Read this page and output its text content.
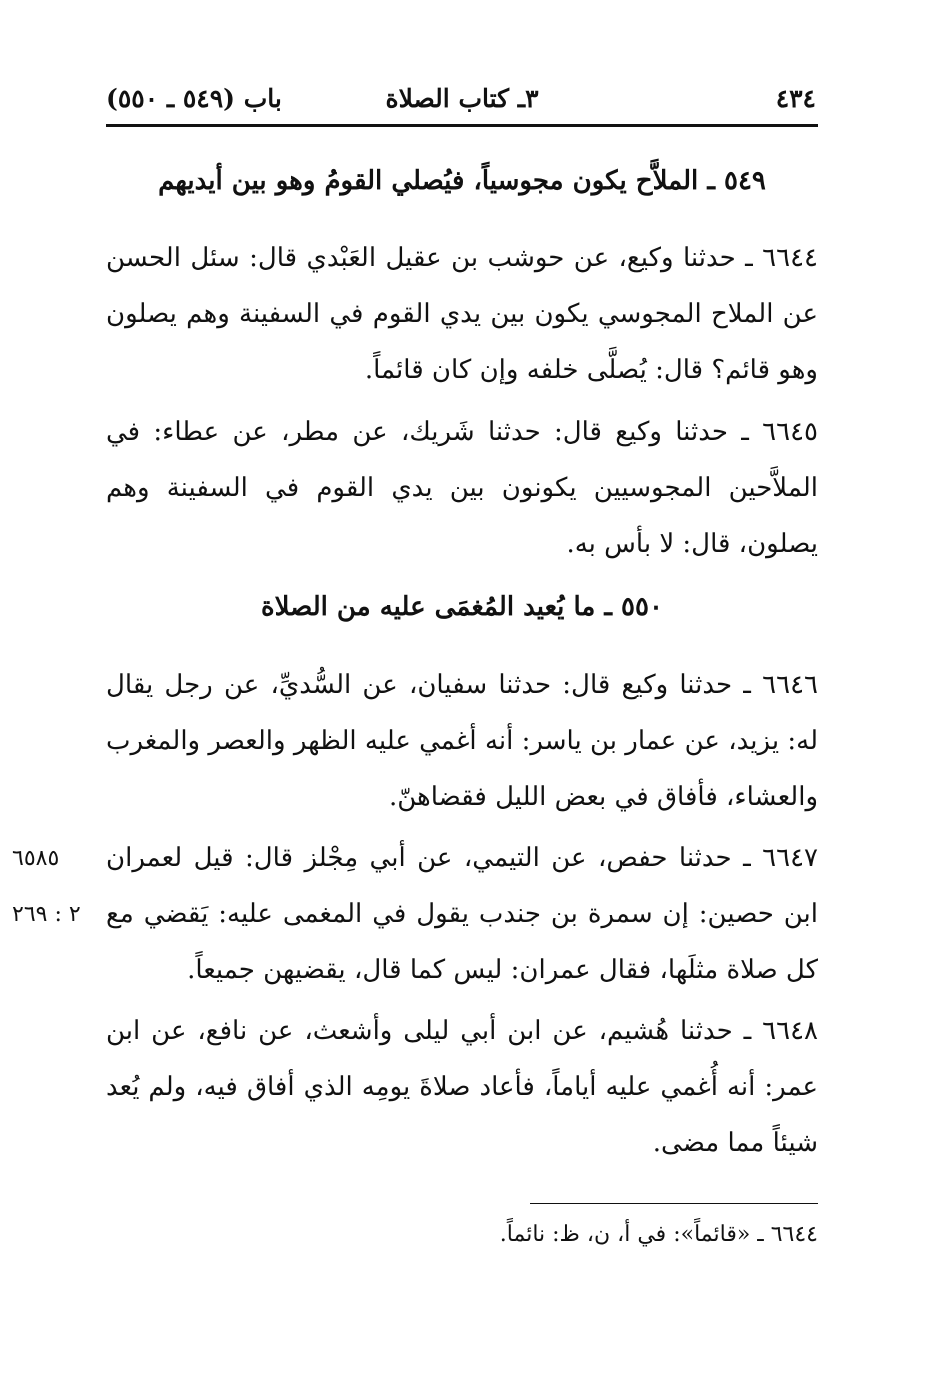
٤٣٤
٣ـ كتاب الصلاة
باب (٥٤٩ ـ ٥٥٠)
٥٤٩ ـ الملاَّح يكون مجوسياً، فيُصلي القومُ وهو بين أيديهم
٦٦٤٤ ـ حدثنا وكيع، عن حوشب بن عقيل العَبْدي قال: سئل الحسن عن الملاح المجوسي يكون بين يدي القوم في السفينة وهم يصلون وهو قائم؟ قال: يُصلَّى خلفه وإن كان قائماً.
٦٦٤٥ ـ حدثنا وكيع قال: حدثنا شَريك، عن مطر، عن عطاء: في الملاَّحين المجوسيين يكونون بين يدي القوم في السفينة وهم يصلون، قال: لا بأس به.
٥٥٠ ـ ما يُعيد المُغمَى عليه من الصلاة
٦٦٤٦ ـ حدثنا وكيع قال: حدثنا سفيان، عن السُّديِّ، عن رجل يقال له: يزيد، عن عمار بن ياسر: أنه أغمي عليه الظهر والعصر والمغرب والعشاء، فأفاق في بعض الليل فقضاهنّ.
٦٦٤٧ ـ حدثنا حفص، عن التيمي، عن أبي مِجْلز قال: قيل لعمران ابن حصين: إن سمرة بن جندب يقول في المغمى عليه: يَقضي مع كل صلاة مثلَها، فقال عمران: ليس كما قال، يقضيهن جميعاً.
٦٥٨٥
٢ : ٢٦٩
٦٦٤٨ ـ حدثنا هُشيم، عن ابن أبي ليلى وأشعث، عن نافع، عن ابن عمر: أنه أُغمي عليه أياماً، فأعاد صلاةَ يومِه الذي أفاق فيه، ولم يُعد شيئاً مما مضى.
٦٦٤٤ ـ «قائماً»: في أ، ن، ظ: نائماً.
